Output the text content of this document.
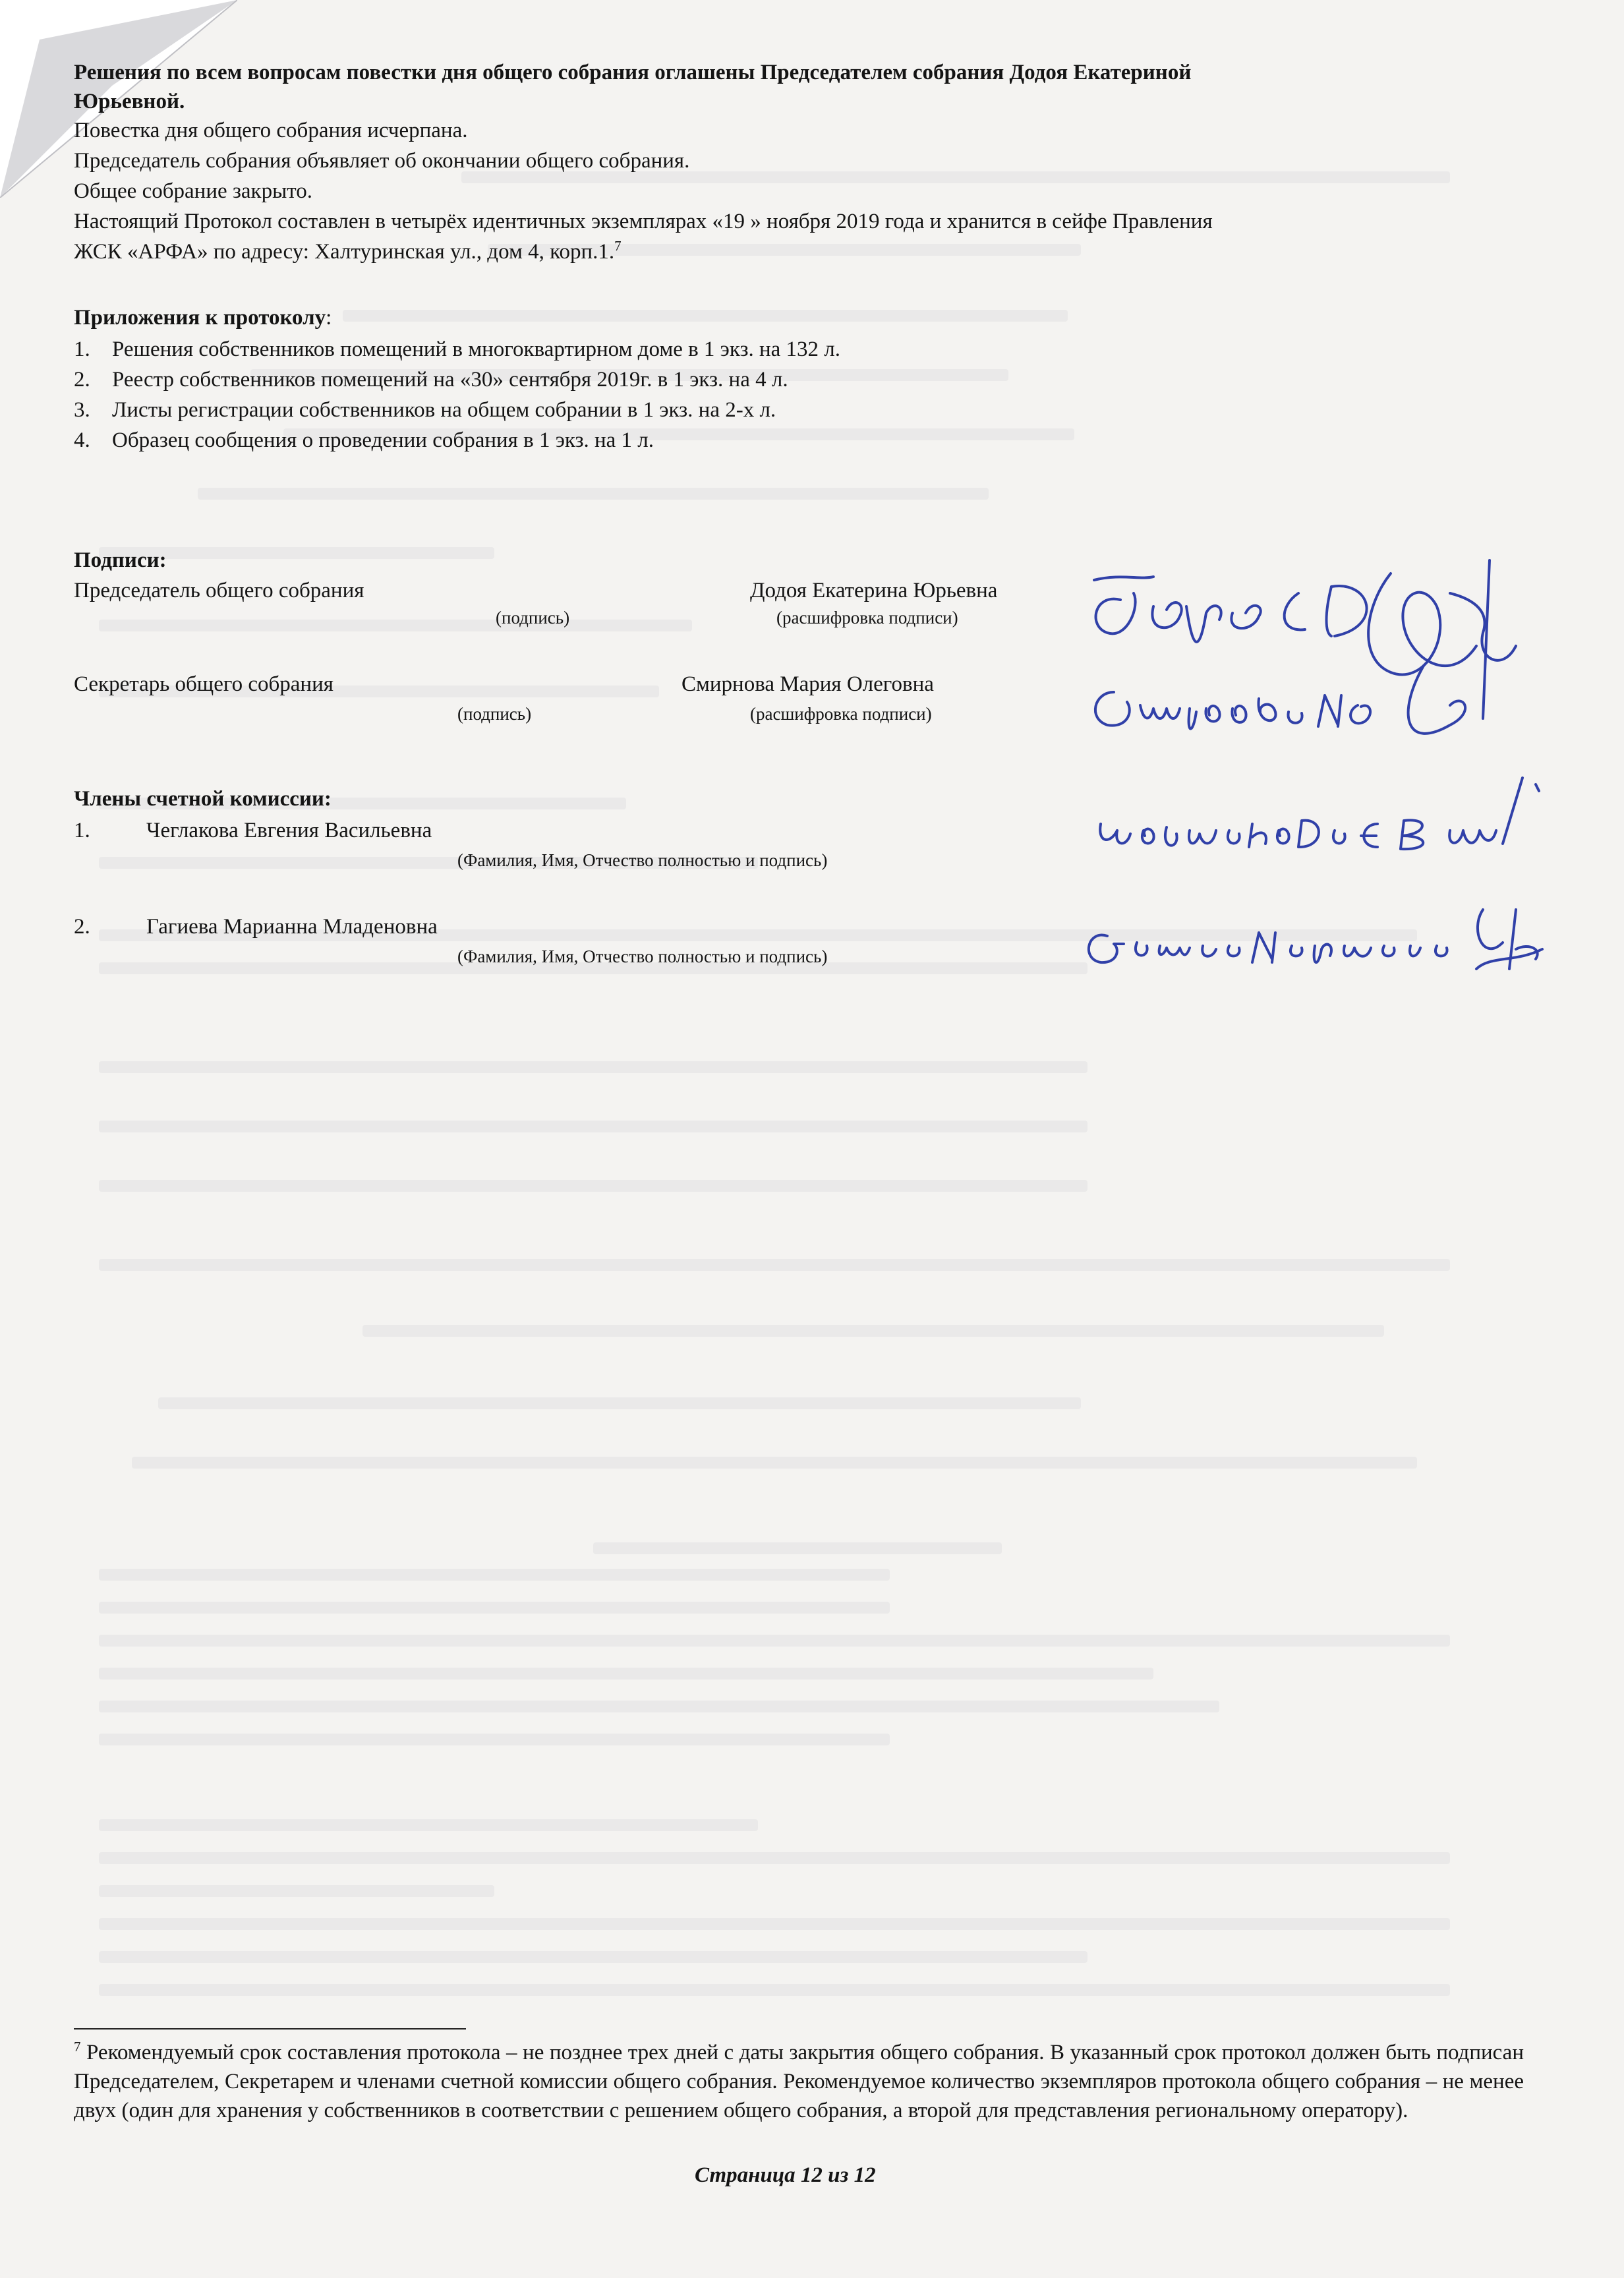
Решения по всем вопросам повестки дня общего собрания оглашены Председателем собрания Додоя Екатериной
Юрьевной.
Повестка дня общего собрания исчерпана.
Председатель собрания объявляет об окончании общего собрания.
Общее собрание закрыто.
Настоящий Протокол составлен в четырёх идентичных экземплярах «19 » ноября 2019 года и хранится в сейфе Правления
ЖСК «АРФА» по адресу: Халтуринская ул., дом 4, корп.1.$^7$
Приложения к протоколу:
1. Решения собственников помещений в многоквартирном доме в 1 экз. на 132 л.
2. Реестр собственников помещений на «30» сентября 2019г. в 1 экз. на 4 л.
3. Листы регистрации собственников на общем собрании в 1 экз. на 2-х л.
4. Образец сообщения о проведении собрания в 1 экз. на 1 л.
Подписи:
Председатель общего собрания	Додоя Екатерина Юрьевна
(подпись)	(расшифровка подписи)
Секретарь общего собрания	Смирнова Мария Олеговна
(подпись)	(расшифровка подписи)
Члены счетной комиссии:
1.	Чеглакова Евгения Васильевна
(Фамилия, Имя, Отчество полностью и подпись)
2.	Гагиева Марианна Младеновна
(Фамилия, Имя, Отчество полностью и подпись)
$^7$ Рекомендуемый срок составления протокола – не позднее трех дней с даты закрытия общего собрания. В указанный срок протокол должен быть подписан Председателем, Секретарем и членами счетной комиссии общего собрания. Рекомендуемое количество экземпляров протокола общего собрания – не менее двух (один для хранения у собственников в соответствии с решением общего собрания, а второй для представления региональному оператору).
Страница 12 из 12
